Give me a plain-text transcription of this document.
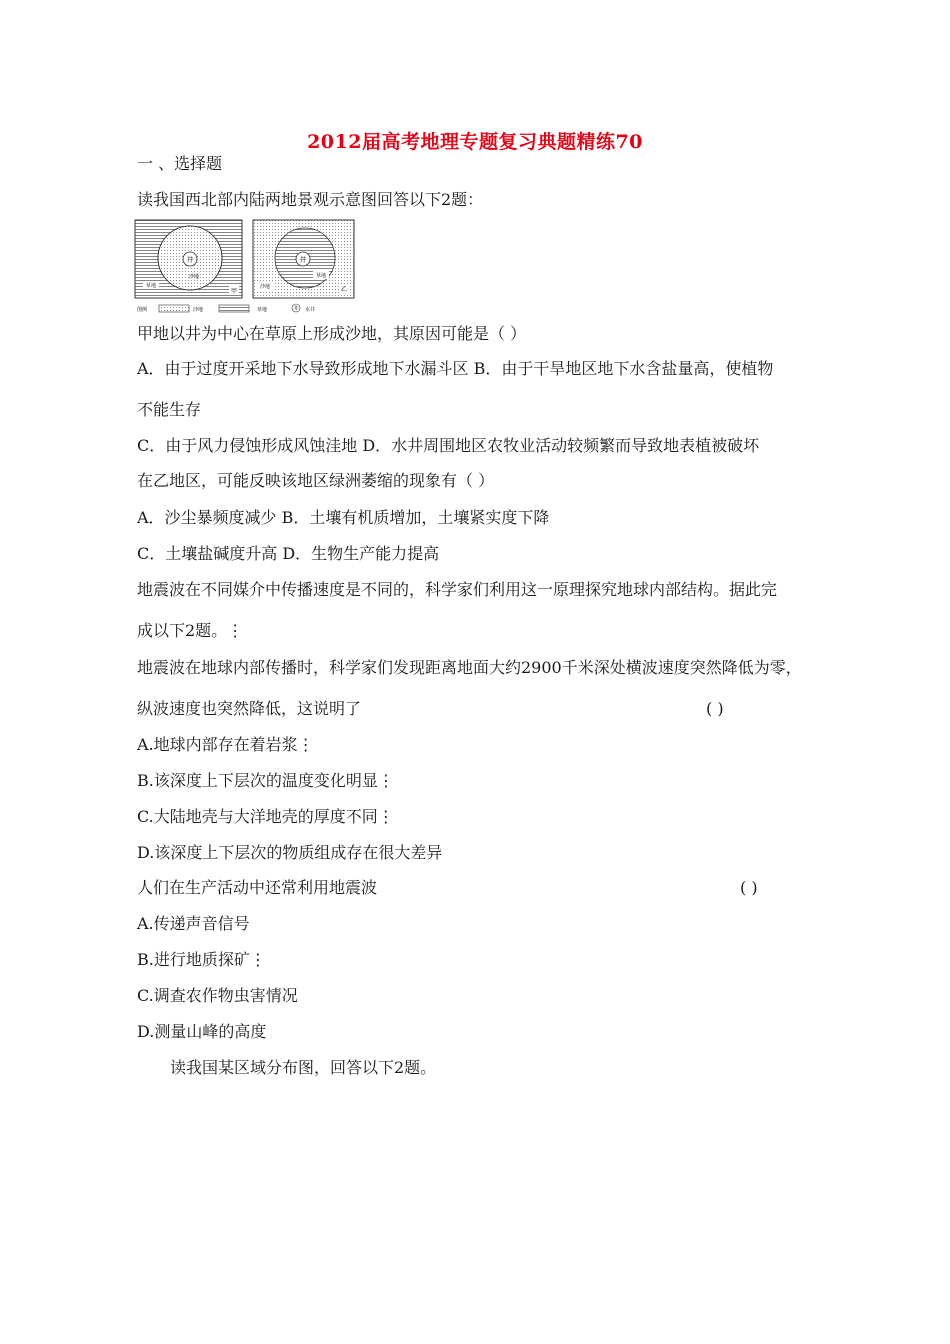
2012届高考地理专题复习典题精练70
一 、选择题
读我国西北部内陆两地景观示意图回答以下2题：
井
沙地
草地
甲
井
草地
沙地	乙
图例	沙地	草地	井 水井
甲地以井为中心在草原上形成沙地，其原因可能是（ ）
A．由于过度开采地下水导致形成地下水漏斗区 B．由于干旱地区地下水含盐量高，使植物
不能生存
C．由于风力侵蚀形成风蚀洼地 D．水井周围地区农牧业活动较频繁而导致地表植被破坏
在乙地区，可能反映该地区绿洲萎缩的现象有（ ）
A．沙尘暴频度减少 B．土壤有机质增加，土壤紧实度下降
C．土壤盐碱度升高 D．生物生产能力提高
地震波在不同媒介中传播速度是不同的，科学家们利用这一原理探究地球内部结构。据此完
成以下2题。⋮
地震波在地球内部传播时，科学家们发现距离地面大约2900千米深处横波速度突然降低为零，
纵波速度也突然降低，这说明了	( )
A.地球内部存在着岩浆⋮
B.该深度上下层次的温度变化明显⋮
C.大陆地壳与大洋地壳的厚度不同⋮
D.该深度上下层次的物质组成存在很大差异
人们在生产活动中还常利用地震波	( )
A.传递声音信号
B.进行地质探矿⋮
C.调查农作物虫害情况
D.测量山峰的高度
读我国某区域分布图，回答以下2题。
